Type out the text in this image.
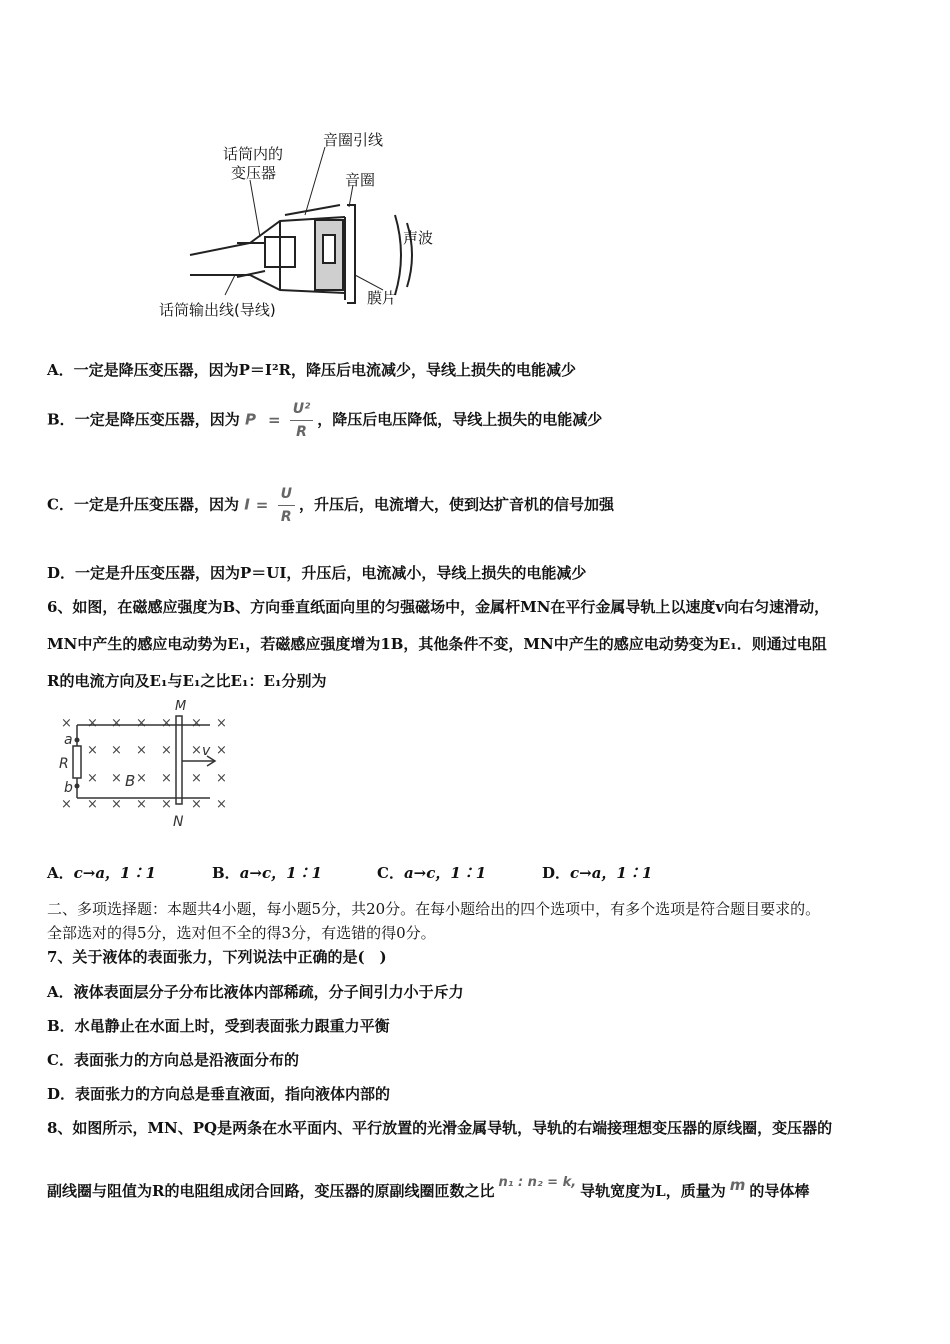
话筒内的
变压器
音圈引线
音圈
声波
膜片
话筒输出线(导线)
A．一定是降压变压器，因为P＝I²R，降压后电流减少，导线上损失的电能减少
B．一定是降压变压器，因为 $P = \frac{\text{U²}}{R}$ ，降压后电压降低，导线上损失的电能减少
C．一定是升压变压器，因为 $I = \frac{U}{R}$ ，升压后，电流增大，使到达扩音机的信号加强
D．一定是升压变压器，因为P＝UI，升压后，电流减小，导线上损失的电能减少
6、如图，在磁感应强度为B、方向垂直纸面向里的匀强磁场中，金属杆MN在平行金属导轨上以速度v向右匀速滑动，
MN中产生的感应电动势为E₁，若磁感应强度增为1B，其他条件不变，MN中产生的感应电动势变为E₁．则通过电阻
R的电流方向及E₁与E₁之比E₁：E₁分别为
× × × × × × ×
× × × × × ×
× × × × × ×
× × × × × × ×
M
N
a
b
R
B
v
A．c→a，1∶1	B．a→c，1∶1	C．a→c，1∶1	D．c→a，1∶1
二、多项选择题：本题共4小题，每小题5分，共20分。在每小题给出的四个选项中，有多个选项是符合题目要求的。
全部选对的得5分，选对但不全的得3分，有选错的得0分。
7、关于液体的表面张力，下列说法中正确的是(　)
A．液体表面层分子分布比液体内部稀疏，分子间引力小于斥力
B．水黾静止在水面上时，受到表面张力跟重力平衡
C．表面张力的方向总是沿液面分布的
D．表面张力的方向总是垂直液面，指向液体内部的
8、如图所示，MN、PQ是两条在水平面内、平行放置的光滑金属导轨，导轨的右端接理想变压器的原线圈，变压器的
副线圈与阻值为R的电阻组成闭合回路，变压器的原副线圈匝数之比 n₁ : n₂ = k, 导轨宽度为L，质量为 m 的导体棒
